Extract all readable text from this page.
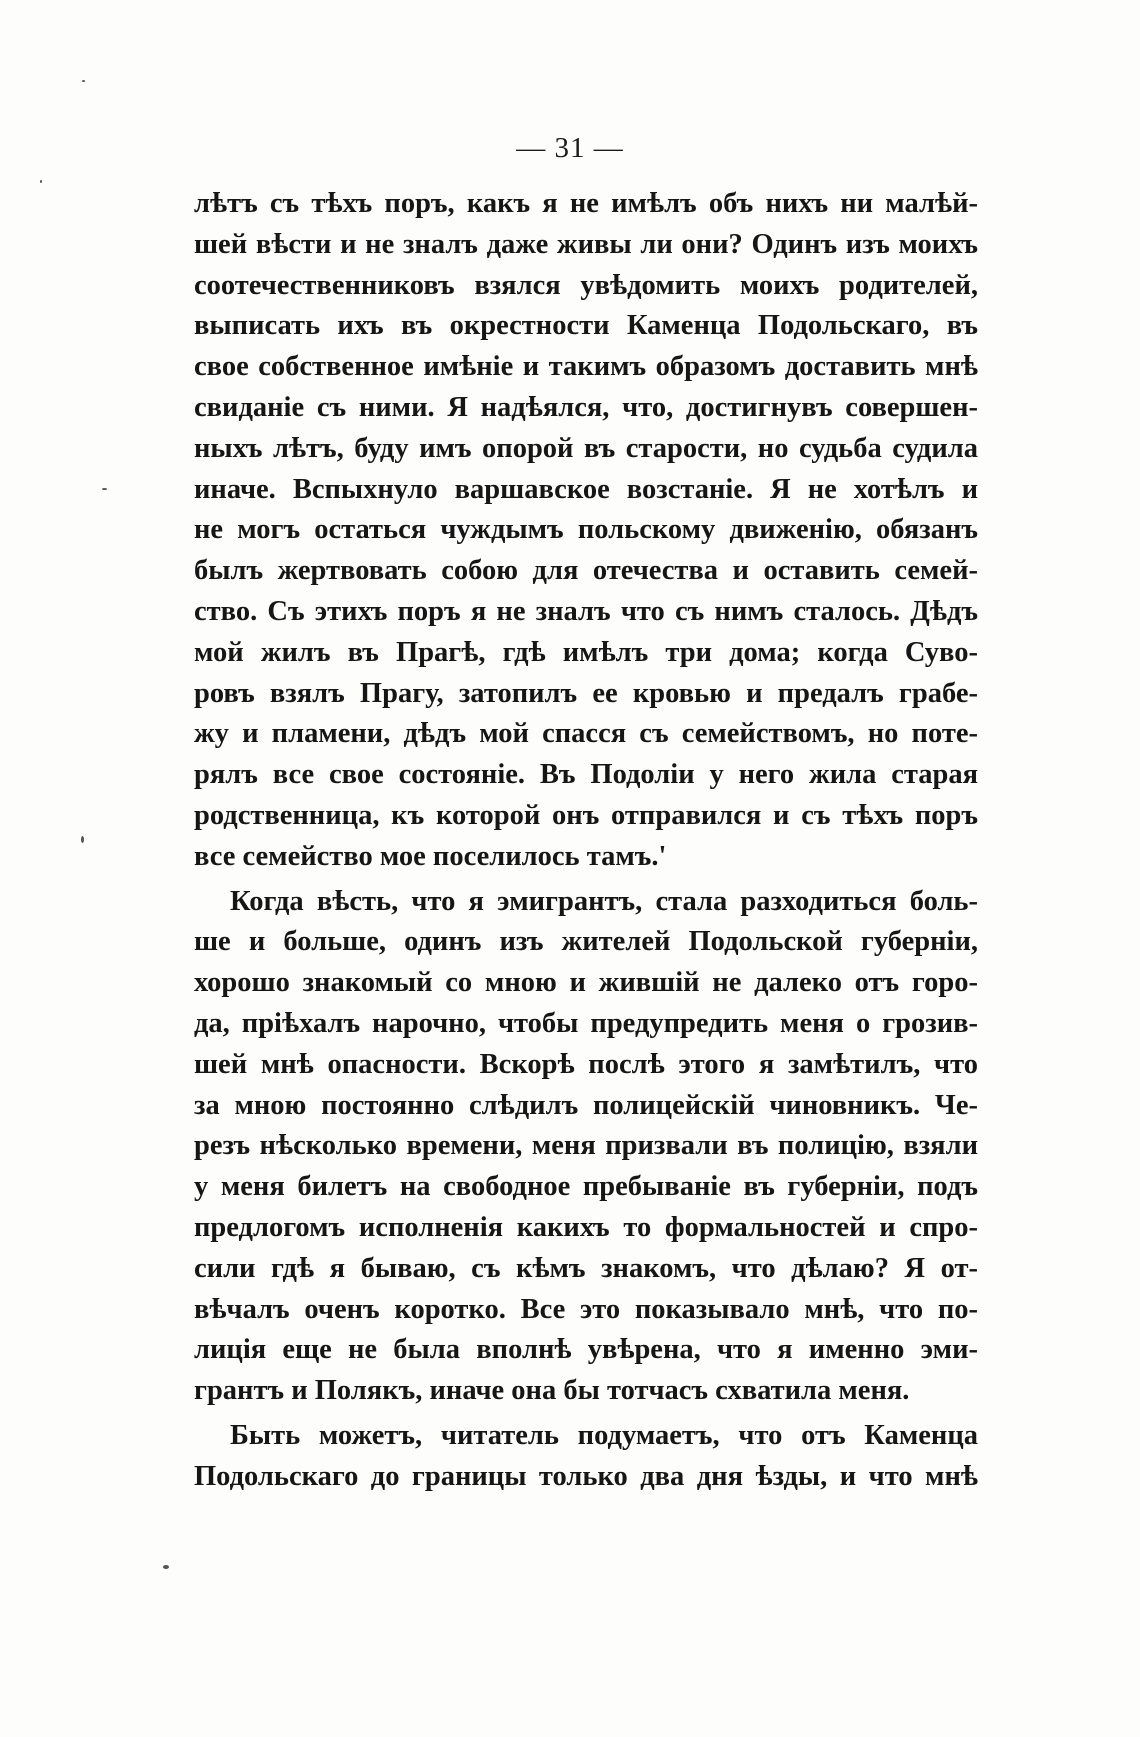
— 31 —
лѣтъ съ тѣхъ поръ, какъ я не имѣлъ объ нихъ ни малѣй-
шей вѣсти и не зналъ даже живы ли они? Одинъ изъ моихъ
соотечественниковъ взялся увѣдомить моихъ родителей,
выписать ихъ въ окрестности Каменца Подольскаго, въ
свое собственное имѣніе и такимъ образомъ доставить мнѣ
свиданіе съ ними. Я надѣялся, что, достигнувъ совершен-
ныхъ лѣтъ, буду имъ опорой въ старости, но судьба судила
иначе. Вспыхнуло варшавское возстаніе. Я не хотѣлъ и
не могъ остаться чуждымъ польскому движенію, обязанъ
былъ жертвовать собою для отечества и оставить семей-
ство. Съ этихъ поръ я не зналъ что съ нимъ сталось. Дѣдъ
мой жилъ въ Прагѣ, гдѣ имѣлъ три дома; когда Суво-
ровъ взялъ Прагу, затопилъ ее кровью и предалъ грабе-
жу и пламени, дѣдъ мой спасся съ семействомъ, но поте-
рялъ все свое состояніе. Въ Подоліи у него жила старая
родственница, къ которой онъ отправился и съ тѣхъ поръ
все семейство мое поселилось тамъ.'
Когда вѣсть, что я эмигрантъ, стала разходиться боль-
ше и больше, одинъ изъ жителей Подольской губерніи,
хорошо знакомый со мною и жившій не далеко отъ горо-
да, пріѣхалъ нарочно, чтобы предупредить меня о грозив-
шей мнѣ опасности. Вскорѣ послѣ этого я замѣтилъ, что
за мною постоянно слѣдилъ полицейскій чиновникъ. Че-
резъ нѣсколько времени, меня призвали въ полицію, взяли
у меня билетъ на свободное пребываніе въ губерніи, подъ
предлогомъ исполненія какихъ то формальностей и спро-
сили гдѣ я бываю, съ кѣмъ знакомъ, что дѣлаю? Я от-
вѣчалъ оченъ коротко. Все это показывало мнѣ, что по-
лиція еще не была вполнѣ увѣрена, что я именно эми-
грантъ и Полякъ, иначе она бы тотчасъ схватила меня.
Быть можетъ, читатель подумаетъ, что отъ Каменца
Подольскаго до границы только два дня ѣзды, и что мнѣ
